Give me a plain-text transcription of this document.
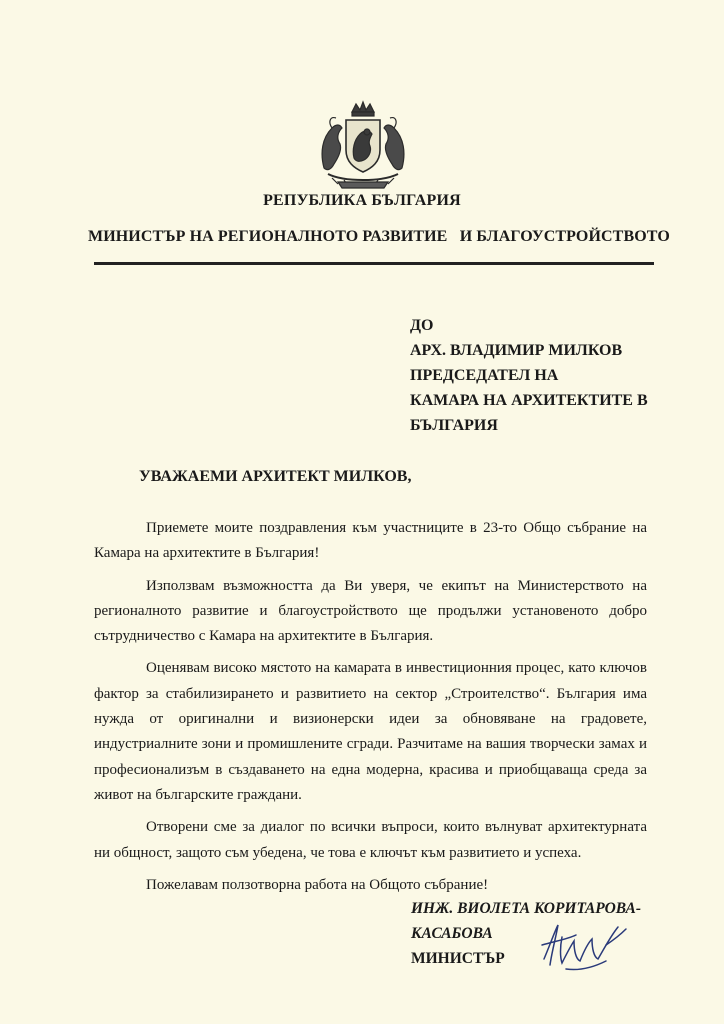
РЕПУБЛИКА БЪЛГАРИЯ
МИНИСТЪР НА РЕГИОНАЛНОТО РАЗВИТИЕ   И БЛАГОУСТРОЙСТВОТО
ДО
АРХ. ВЛАДИМИР МИЛКОВ
ПРЕДСЕДАТЕЛ НА
КАМАРА НА АРХИТЕКТИТЕ В
БЪЛГАРИЯ
УВАЖАЕМИ АРХИТЕКТ МИЛКОВ,

Приемете моите поздравления към участниците в 23-то Общо събрание на Камара на архитектите в България!

Използвам възможността да Ви уверя, че екипът на Министерството на регионалното развитие и благоустройството ще продължи установеното добро сътрудничество с Камара на архитектите в България.

Оценявам високо мястото на камарата в инвестиционния процес, като ключов фактор за стабилизирането и развитието на сектор „Строителство“. България има нужда от оригинални и визионерски идеи за обновяване на градовете, индустриалните зони и промишлените сгради. Разчитаме на вашия творчески замах и професионализъм в създаването на една модерна, красива и приобщаваща среда за живот на българските граждани.

Отворени сме за диалог по всички въпроси, които вълнуват архитектурната ни общност, защото съм убедена, че това е ключът към развитието и успеха.

Пожелавам ползотворна работа на Общото събрание!

ИНЖ. ВИОЛЕТА КОРИТАРОВА-
КАСАБОВА
МИНИСТЪР
